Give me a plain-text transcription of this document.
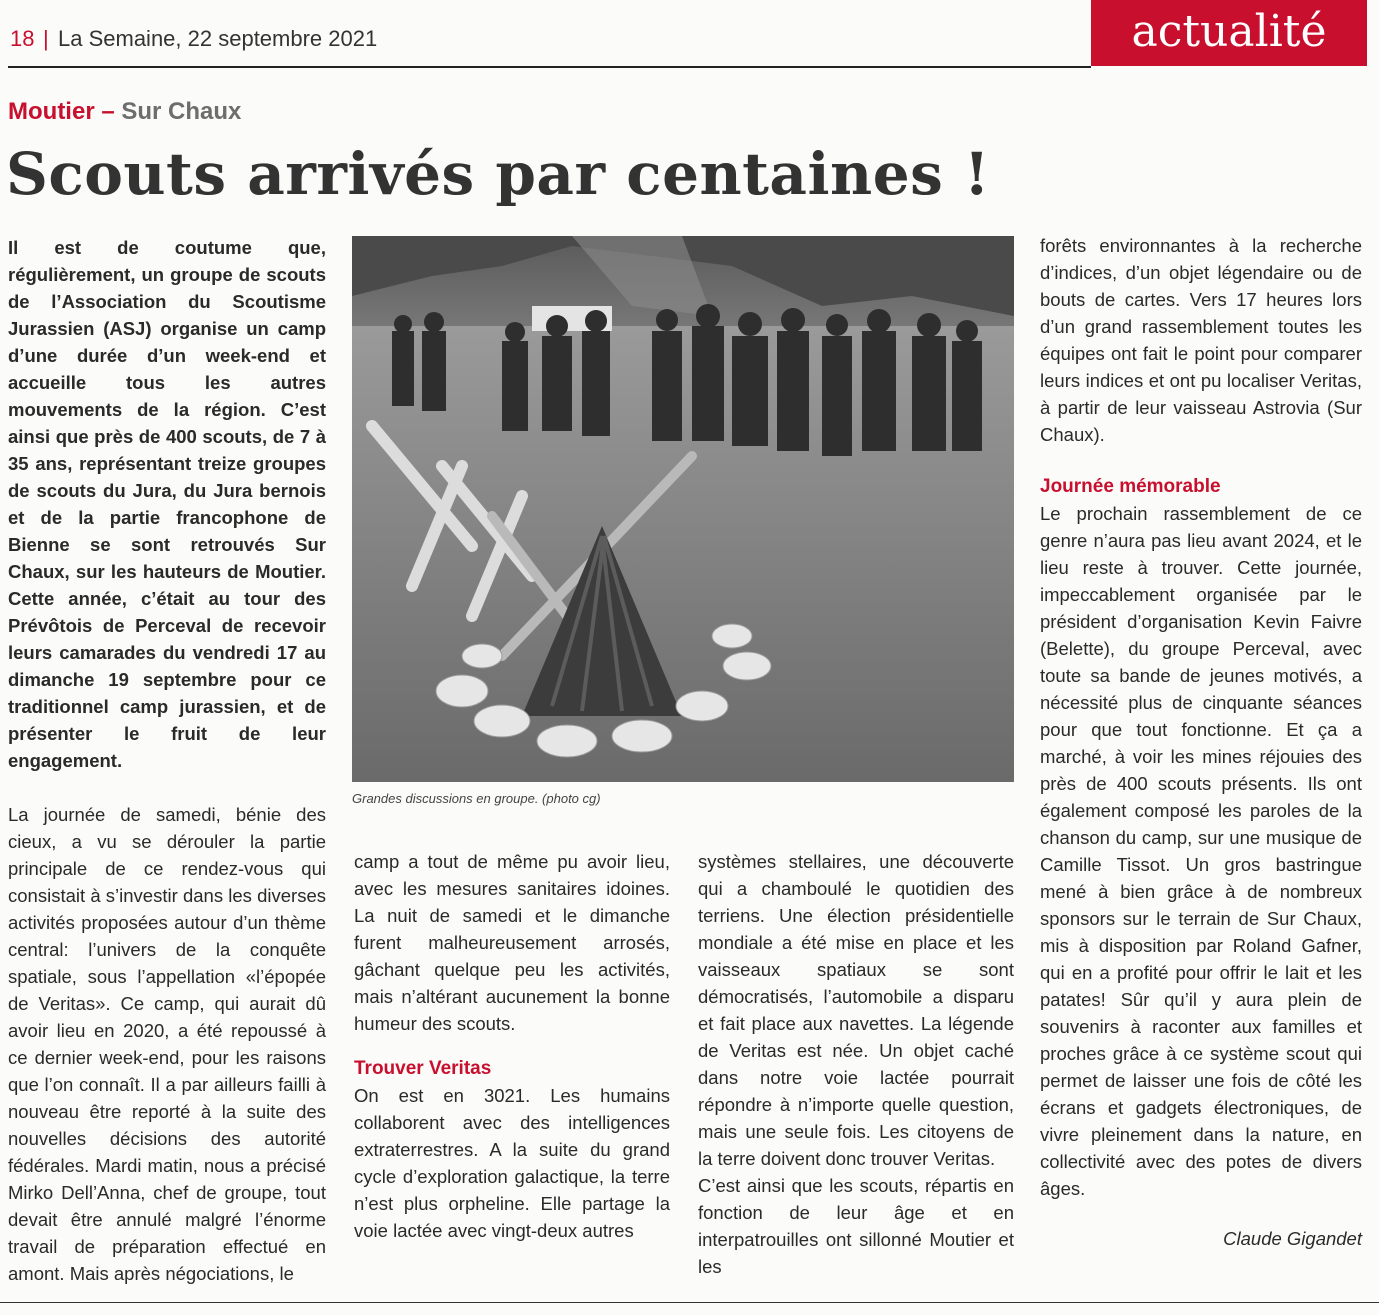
18 | La Semaine, 22 septembre 2021	actualité
Moutier – Sur Chaux
Scouts arrivés par centaines !

Il est de coutume que, régulièrement, un groupe de scouts de l’Association du Scoutisme Jurassien (ASJ) organise un camp d’une durée d’un week-end et accueille tous les autres mouvements de la région. C’est ainsi que près de 400 scouts, de 7 à 35 ans, représentant treize groupes de scouts du Jura, du Jura bernois et de la partie francophone de Bienne se sont retrouvés Sur Chaux, sur les hauteurs de Moutier. Cette année, c’était au tour des Prévôtois de Perceval de recevoir leurs camarades du vendredi 17 au dimanche 19 septembre pour ce traditionnel camp jurassien, et de présenter le fruit de leur engagement.

La journée de samedi, bénie des cieux, a vu se dérouler la partie principale de ce rendez-vous qui consistait à s’investir dans les diverses activités proposées autour d’un thème central: l’univers de la conquête spatiale, sous l’appellation «l’épopée de Veritas». Ce camp, qui aurait dû avoir lieu en 2020, a été repoussé à ce dernier week-end, pour les raisons que l’on connaît. Il a par ailleurs failli à nouveau être reporté à la suite des nouvelles décisions des autorité fédérales. Mardi matin, nous a précisé Mirko Dell’Anna, chef de groupe, tout devait être annulé malgré l’énorme travail de préparation effectué en amont. Mais après négociations, le

Grandes discussions en groupe. (photo cg)

camp a tout de même pu avoir lieu, avec les mesures sanitaires idoines. La nuit de samedi et le dimanche furent malheureusement arrosés, gâchant quelque peu les activités, mais n’altérant aucunement la bonne humeur des scouts.

Trouver Veritas

On est en 3021. Les humains collaborent avec des intelligences extraterrestres. A la suite du grand cycle d’exploration galactique, la terre n’est plus orpheline. Elle partage la voie lactée avec vingt-deux autres

systèmes stellaires, une découverte qui a chamboulé le quotidien des terriens. Une élection présidentielle mondiale a été mise en place et les vaisseaux spatiaux se sont démocratisés, l’automobile a disparu et fait place aux navettes. La légende de Veritas est née. Un objet caché dans notre voie lactée pourrait répondre à n’importe quelle question, mais une seule fois. Les citoyens de la terre doivent donc trouver Veritas.

C’est ainsi que les scouts, répartis en fonction de leur âge et en interpatrouilles ont sillonné Moutier et les

forêts environnantes à la recherche d’indices, d’un objet légendaire ou de bouts de cartes. Vers 17 heures lors d’un grand rassemblement toutes les équipes ont fait le point pour comparer leurs indices et ont pu localiser Veritas, à partir de leur vaisseau Astrovia (Sur Chaux).

Journée mémorable

Le prochain rassemblement de ce genre n’aura pas lieu avant 2024, et le lieu reste à trouver. Cette journée, impeccablement organisée par le président d’organisation Kevin Faivre (Belette), du groupe Perceval, avec toute sa bande de jeunes motivés, a nécessité plus de cinquante séances pour que tout fonctionne. Et ça a marché, à voir les mines réjouies des près de 400 scouts présents. Ils ont également composé les paroles de la chanson du camp, sur une musique de Camille Tissot. Un gros bastringue mené à bien grâce à de nombreux sponsors sur le terrain de Sur Chaux, mis à disposition par Roland Gafner, qui en a profité pour offrir le lait et les patates! Sûr qu’il y aura plein de souvenirs à raconter aux familles et proches grâce à ce système scout qui permet de laisser une fois de côté les écrans et gadgets électroniques, de vivre pleinement dans la nature, en collectivité avec des potes de divers âges.

Claude Gigandet
